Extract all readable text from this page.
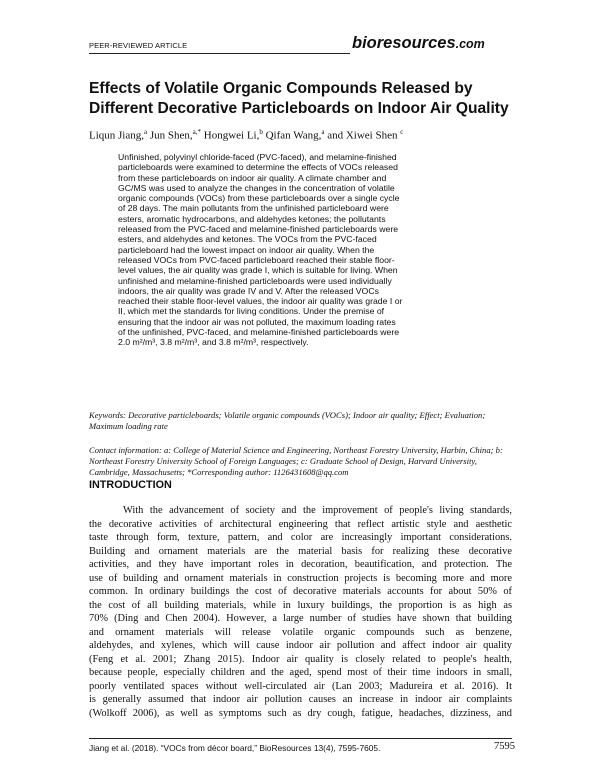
PEER-REVIEWED ARTICLE	bioresources.com
Effects of Volatile Organic Compounds Released by Different Decorative Particleboards on Indoor Air Quality
Liqun Jiang,$^a$ Jun Shen,$^{a,*}$ Hongwei Li,$^b$ Qifan Wang,$^a$ and Xiwei Shen $^c$
Unfinished, polyvinyl chloride-faced (PVC-faced), and melamine-finished
particleboards were examined to determine the effects of VOCs released
from these particleboards on indoor air quality. A climate chamber and
GC/MS was used to analyze the changes in the concentration of volatile
organic compounds (VOCs) from these particleboards over a single cycle
of 28 days. The main pollutants from the unfinished particleboard were
esters, aromatic hydrocarbons, and aldehydes ketones; the pollutants
released from the PVC-faced and melamine-finished particleboards were
esters, and aldehydes and ketones. The VOCs from the PVC-faced
particleboard had the lowest impact on indoor air quality. When the
released VOCs from PVC-faced particleboard reached their stable floor-
level values, the air quality was grade I, which is suitable for living. When
unfinished and melamine-finished particleboards were used individually
indoors, the air quality was grade IV and V. After the released VOCs
reached their stable floor-level values, the indoor air quality was grade I or
II, which met the standards for living conditions. Under the premise of
ensuring that the indoor air was not polluted, the maximum loading rates
of the unfinished, PVC-faced, and melamine-finished particleboards were
2.0 m²/m³, 3.8 m²/m³, and 3.8 m²/m³, respectively.
Keywords: Decorative particleboards; Volatile organic compounds (VOCs); Indoor air quality; Effect; Evaluation; Maximum loading rate
Contact information: a: College of Material Science and Engineering, Northeast Forestry University, Harbin, China; b: Northeast Forestry University School of Foreign Languages; c: Graduate School of Design, Harvard University, Cambridge, Massachusetts; *Corresponding author: 1126431608@qq.com
INTRODUCTION
With the advancement of society and the improvement of people's living standards,
the decorative activities of architectural engineering that reflect artistic style and aesthetic
taste through form, texture, pattern, and color are increasingly important considerations.
Building and ornament materials are the material basis for realizing these decorative
activities, and they have important roles in decoration, beautification, and protection. The
use of building and ornament materials in construction projects is becoming more and more
common. In ordinary buildings the cost of decorative materials accounts for about 50% of
the cost of all building materials, while in luxury buildings, the proportion is as high as
70% (Ding and Chen 2004). However, a large number of studies have shown that building
and ornament materials will release volatile organic compounds such as benzene,
aldehydes, and xylenes, which will cause indoor air pollution and affect indoor air quality
(Feng et al. 2001; Zhang 2015). Indoor air quality is closely related to people's health,
because people, especially children and the aged, spend most of their time indoors in small,
poorly ventilated spaces without well-circulated air (Lan 2003; Madureira et al. 2016). It
is generally assumed that indoor air pollution causes an increase in indoor air complaints
(Wolkoff 2006), as well as symptoms such as dry cough, fatigue, headaches, dizziness, and
Jiang et al. (2018). “VOCs from décor board,” BioResources 13(4), 7595-7605.	7595
